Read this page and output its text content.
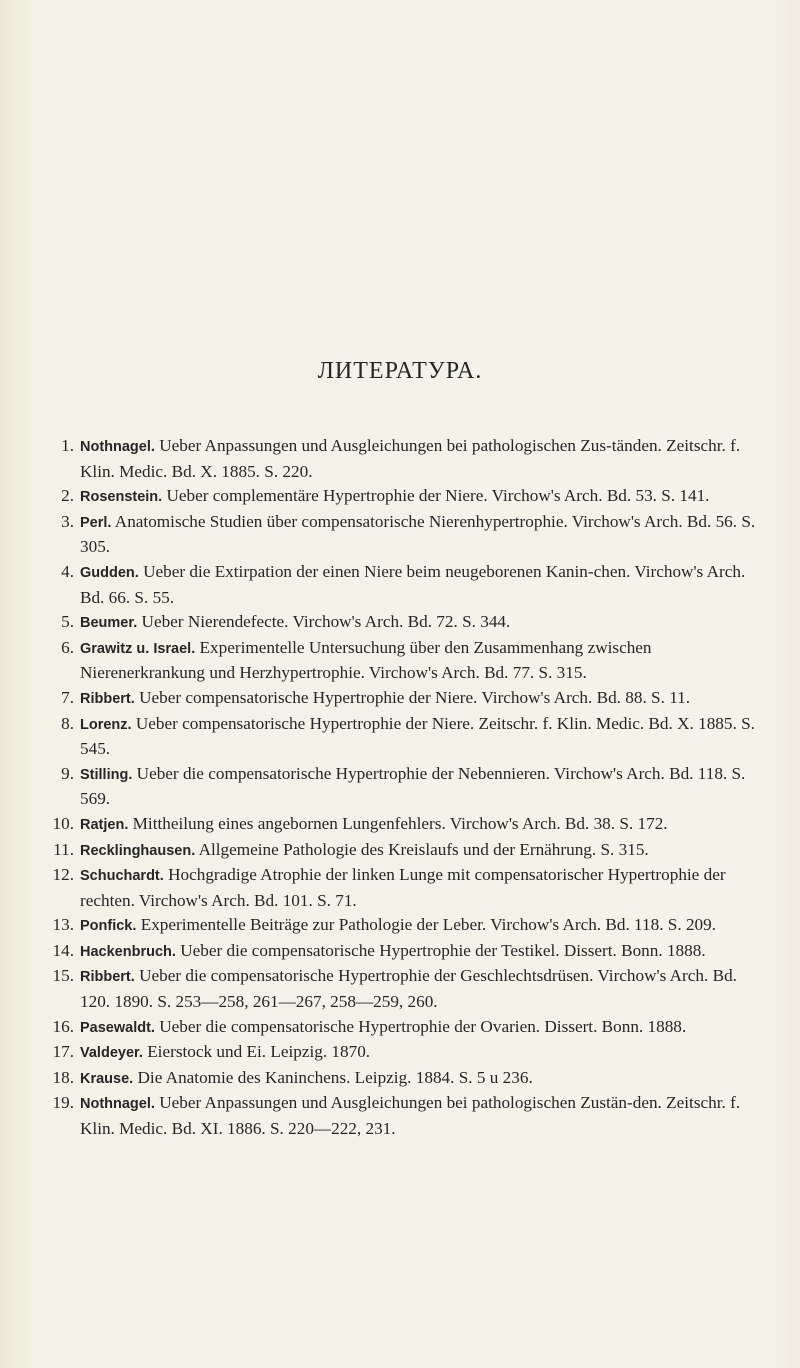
ЛИТЕРАТУРА.
1. Nothnagel. Ueber Anpassungen und Ausgleichungen bei pathologischen Zus-tänden. Zeitschr. f. Klin. Medic. Bd. X. 1885. S. 220.
2. Rosenstein. Ueber complementäre Hypertrophie der Niere. Virchow's Arch. Bd. 53. S. 141.
3. Perl. Anatomische Studien über compensatorische Nierenhypertrophie. Virchow's Arch. Bd. 56. S. 305.
4. Gudden. Ueber die Extirpation der einen Niere beim neugeborenen Kanin-chen. Virchow's Arch. Bd. 66. S. 55.
5. Beumer. Ueber Nierendefecte. Virchow's Arch. Bd. 72. S. 344.
6. Grawitz u. Israel. Experimentelle Untersuchung über den Zusammenhang zwischen Nierenerkrankung und Herzhypertrophie. Virchow's Arch. Bd. 77. S. 315.
7. Ribbert. Ueber compensatorische Hypertrophie der Niere. Virchow's Arch. Bd. 88. S. 11.
8. Lorenz. Ueber compensatorische Hypertrophie der Niere. Zeitschr. f. Klin. Medic. Bd. X. 1885. S. 545.
9. Stilling. Ueber die compensatorische Hypertrophie der Nebennieren. Virchow's Arch. Bd. 118. S. 569.
10. Ratjen. Mittheilung eines angebornen Lungenfehlers. Virchow's Arch. Bd. 38. S. 172.
11. Recklinghausen. Allgemeine Pathologie des Kreislaufs und der Ernährung. S. 315.
12. Schuchardt. Hochgradige Atrophie der linken Lunge mit compensatorischer Hypertrophie der rechten. Virchow's Arch. Bd. 101. S. 71.
13. Ponfick. Experimentelle Beiträge zur Pathologie der Leber. Virchow's Arch. Bd. 118. S. 209.
14. Hackenbruch. Ueber die compensatorische Hypertrophie der Testikel. Dissert. Bonn. 1888.
15. Ribbert. Ueber die compensatorische Hypertrophie der Geschlechtsdrüsen. Virchow's Arch. Bd. 120. 1890. S. 253—258, 261—267, 258—259, 260.
16. Pasewaldt. Ueber die compensatorische Hypertrophie der Ovarien. Dissert. Bonn. 1888.
17. Valdeyer. Eierstock und Ei. Leipzig. 1870.
18. Krause. Die Anatomie des Kaninchens. Leipzig. 1884. S. 5 u 236.
19. Nothnagel. Ueber Anpassungen und Ausgleichungen bei pathologischen Zustän-den. Zeitschr. f. Klin. Medic. Bd. XI. 1886. S. 220—222, 231.
